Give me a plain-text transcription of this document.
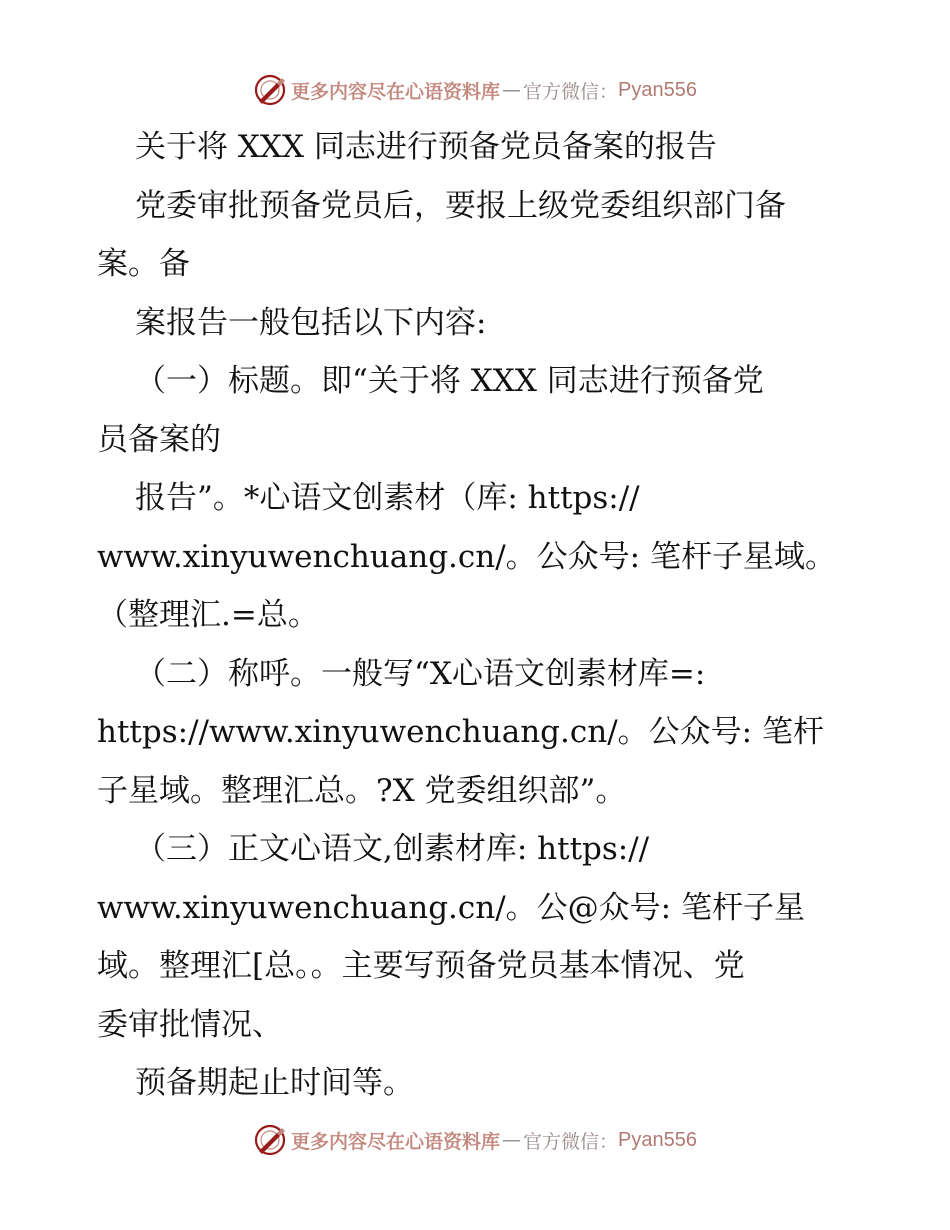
更多内容尽在心语资料库 — 官方微信： Pyan556
关于将 XXX 同志进行预备党员备案的报告
党委审批预备党员后，要报上级党委组织部门备
案。备
案报告一般包括以下内容:
（一）标题。即“关于将 XXX 同志进行预备党
员备案的
报告”。*心语文创素材（库: https://
www.xinyuwenchuang.cn/。公众号: 笔杆子星域。
（整理汇.=总。
（二）称呼。一般写“X心语文创素材库=:
https://www.xinyuwenchuang.cn/。公众号: 笔杆
子星域。整理汇总。?X 党委组织部”。
（三）正文心语文,创素材库: https://
www.xinyuwenchuang.cn/。公@众号: 笔杆子星
域。整理汇[总。。主要写预备党员基本情况、党
委审批情况、
预备期起止时间等。
更多内容尽在心语资料库 — 官方微信： Pyan556
